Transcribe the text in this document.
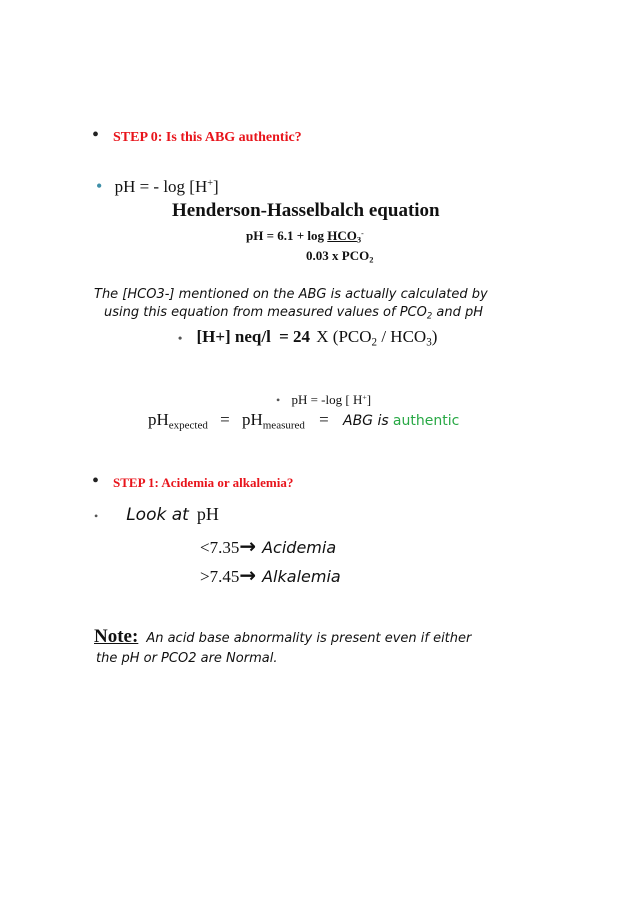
• STEP 0: Is this ABG authentic?
• pH = - log [H+]
Henderson-Hasselbalch equation
pH = $6.1 + \log HCO_3^-$
0.03 x $PCO_2$
The [HCO3-] mentioned on the ABG is actually calculated by
using this equation from measured values of $PCO_2$ and pH
• [H+] neq/l = 24 X $(PCO_2 / HCO_3)$
• pH = -log [ H+]
$pH_{expected} = pH_{measured}$ = ABG is authentic
• STEP 1: Acidemia or alkalemia?
• Look at pH
<7.35→ Acidemia
>7.45→ Alkalemia
Note: An acid base abnormality is present even if either
the pH or PCO2 are Normal.
